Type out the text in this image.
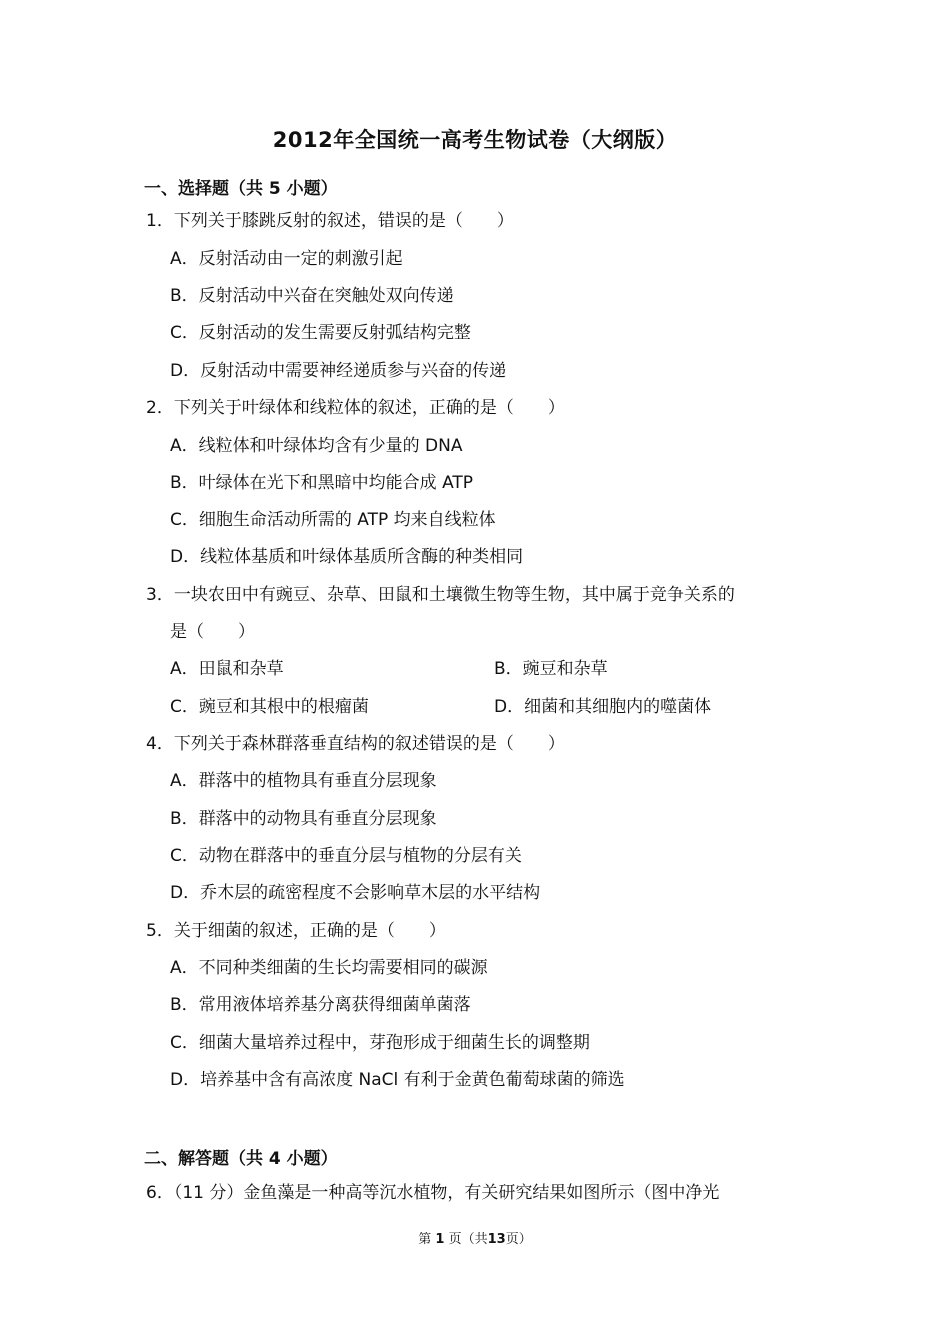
2012年全国统一高考生物试卷（大纲版）
一、选择题（共 5 小题）
1．下列关于膝跳反射的叙述，错误的是（　　）
A．反射活动由一定的刺激引起
B．反射活动中兴奋在突触处双向传递
C．反射活动的发生需要反射弧结构完整
D．反射活动中需要神经递质参与兴奋的传递
2．下列关于叶绿体和线粒体的叙述，正确的是（　　）
A．线粒体和叶绿体均含有少量的 DNA
B．叶绿体在光下和黑暗中均能合成 ATP
C．细胞生命活动所需的 ATP 均来自线粒体
D．线粒体基质和叶绿体基质所含酶的种类相同
3．一块农田中有豌豆、杂草、田鼠和土壤微生物等生物，其中属于竞争关系的
是（　　）
A．田鼠和杂草	B．豌豆和杂草
C．豌豆和其根中的根瘤菌	D．细菌和其细胞内的噬菌体
4．下列关于森林群落垂直结构的叙述错误的是（　　）
A．群落中的植物具有垂直分层现象
B．群落中的动物具有垂直分层现象
C．动物在群落中的垂直分层与植物的分层有关
D．乔木层的疏密程度不会影响草木层的水平结构
5．关于细菌的叙述，正确的是（　　）
A．不同种类细菌的生长均需要相同的碳源
B．常用液体培养基分离获得细菌单菌落
C．细菌大量培养过程中，芽孢形成于细菌生长的调整期
D．培养基中含有高浓度 NaCl 有利于金黄色葡萄球菌的筛选
二、解答题（共 4 小题）
6．（11 分）金鱼藻是一种高等沉水植物，有关研究结果如图所示（图中净光
第 1 页（共13页）
